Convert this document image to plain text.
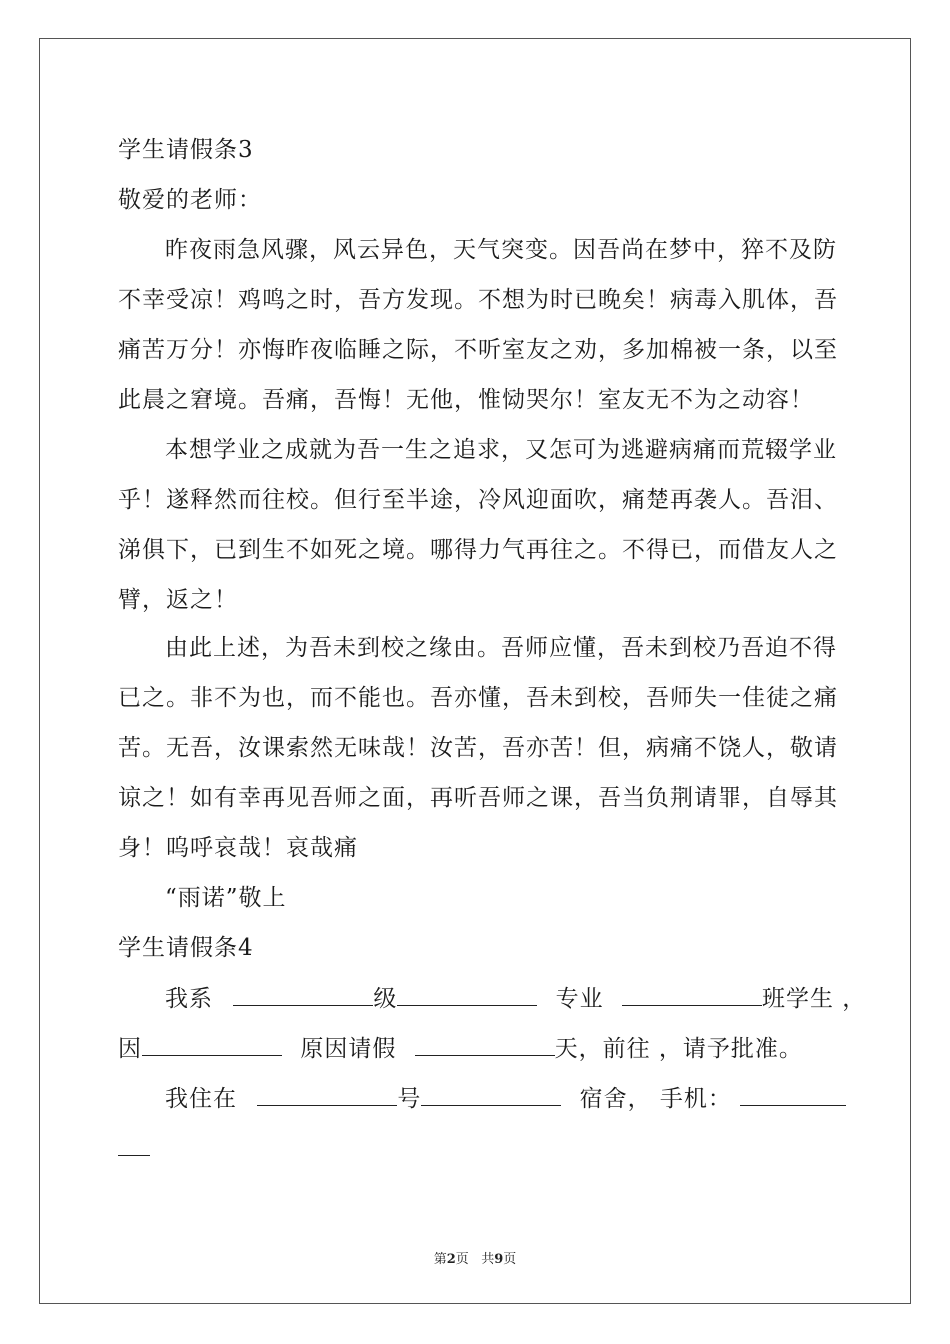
学生请假条3
敬爱的老师：
昨夜雨急风骤，风云异色，天气突变。因吾尚在梦中，猝不及防
不幸受凉！鸡鸣之时，吾方发现。不想为时已晚矣！病毒入肌体，吾
痛苦万分！亦悔昨夜临睡之际，不听室友之劝，多加棉被一条，以至
此晨之窘境。吾痛，吾悔！无他，惟恸哭尔！室友无不为之动容！
本想学业之成就为吾一生之追求，又怎可为逃避病痛而荒辍学业
乎！遂释然而往校。但行至半途，冷风迎面吹，痛楚再袭人。吾泪、
涕俱下，已到生不如死之境。哪得力气再往之。不得已，而借友人之
臂，返之！
由此上述，为吾未到校之缘由。吾师应懂，吾未到校乃吾迫不得
已之。非不为也，而不能也。吾亦懂，吾未到校，吾师失一佳徒之痛
苦。无吾，汝课索然无味哉！汝苦，吾亦苦！但，病痛不饶人，敬请
谅之！如有幸再见吾师之面，再听吾师之课，吾当负荆请罪，自辱其
身！呜呼哀哉！哀哉痛
“雨诺”敬上
学生请假条4
我系	级	专业	班学生 ，
因	原因请假	天，前往 ，请予批准。
我住在	号	宿舍， 手机：
第2页 共9页
